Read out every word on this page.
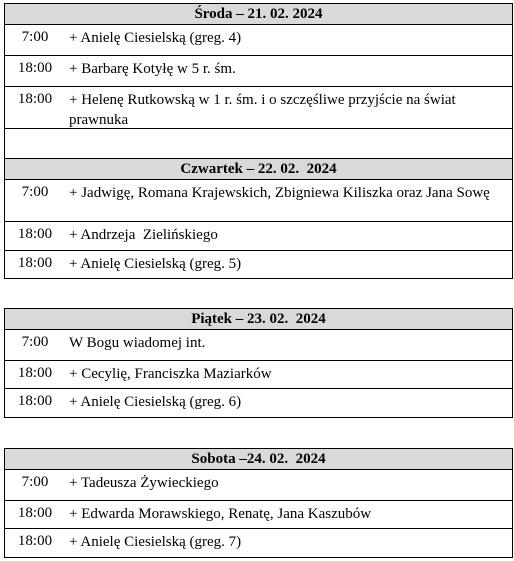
Środa – 21. 02. 2024
7:00	+ Anielę Ciesielską (greg. 4)
18:00	+ Barbarę Kotyłę w 5 r. śm.
18:00	+ Helenę Rutkowską w 1 r. śm. i o szczęśliwe przyjście na świat prawnuka
Czwartek – 22. 02.  2024
7:00	+ Jadwigę, Romana Krajewskich, Zbigniewa Kiliszka oraz Jana Sowę
18:00	+ Andrzeja  Zielińskiego
18:00	+ Anielę Ciesielską (greg. 5)
Piątek – 23. 02.  2024
7:00	W Bogu wiadomej int.
18:00	+ Cecylię, Franciszka Maziarków
18:00	+ Anielę Ciesielską (greg. 6)
Sobota –24. 02.  2024
7:00	+ Tadeusza Żywieckiego
18:00	+ Edwarda Morawskiego, Renatę, Jana Kaszubów
18:00	+ Anielę Ciesielską (greg. 7)
